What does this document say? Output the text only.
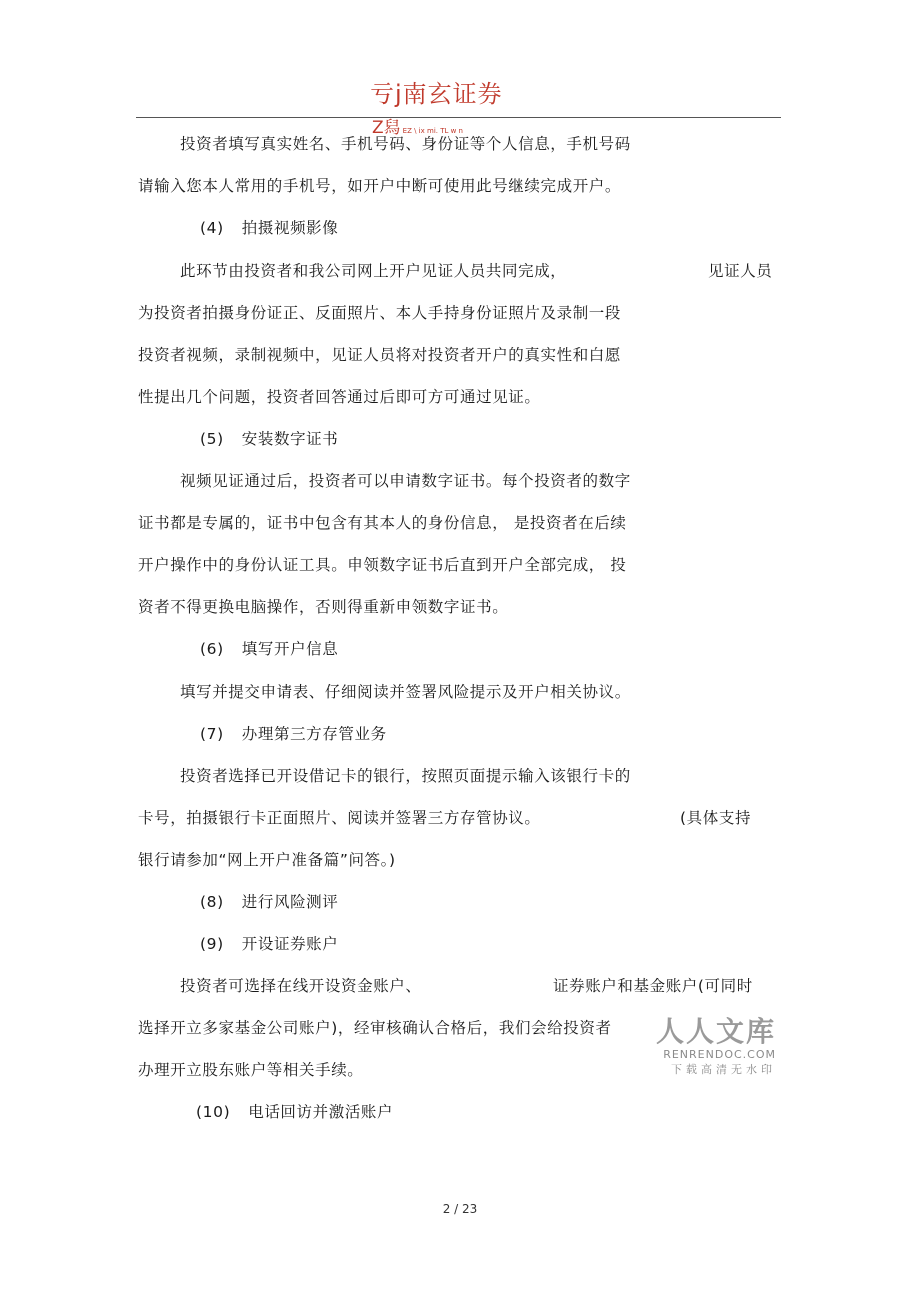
亏j南玄证券
Z舄 EZ \ ix mi. TL w n
投资者填写真实姓名、手机号码、身份证等个人信息，手机号码
请输入您本人常用的手机号，如开户中断可使用此号继续完成开户。
(4) 拍摄视频影像
此环节由投资者和我公司网上开户见证人员共同完成，	见证人员
为投资者拍摄身份证正、反面照片、本人手持身份证照片及录制一段
投资者视频，录制视频中，见证人员将对投资者开户的真实性和白愿
性提出几个问题，投资者回答通过后即可方可通过见证。
(5) 安装数字证书
视频见证通过后，投资者可以申请数字证书。每个投资者的数字
证书都是专属的，证书中包含有其本人的身份信息， 是投资者在后续
开户操作中的身份认证工具。申领数字证书后直到开户全部完成， 投
资者不得更换电脑操作，否则得重新申领数字证书。
(6) 填写开户信息
填写并提交申请表、仔细阅读并签署风险提示及开户相关协议。
(7) 办理第三方存管业务
投资者选择已开设借记卡的银行，按照页面提示输入该银行卡的
卡号，拍摄银行卡正面照片、阅读并签署三方存管协议。	(具体支持
银行请参加“网上开户准备篇”问答。)
(8) 进行风险测评
(9) 开设证券账户
投资者可选择在线开设资金账户、	证券账户和基金账户(可同时
选择开立多家基金公司账户)，经审核确认合格后，我们会给投资者
办理开立股东账户等相关手续。
(10) 电话回访并激活账户
人人文库
RENRENDOC.COM
下载高清无水印
2 / 23
